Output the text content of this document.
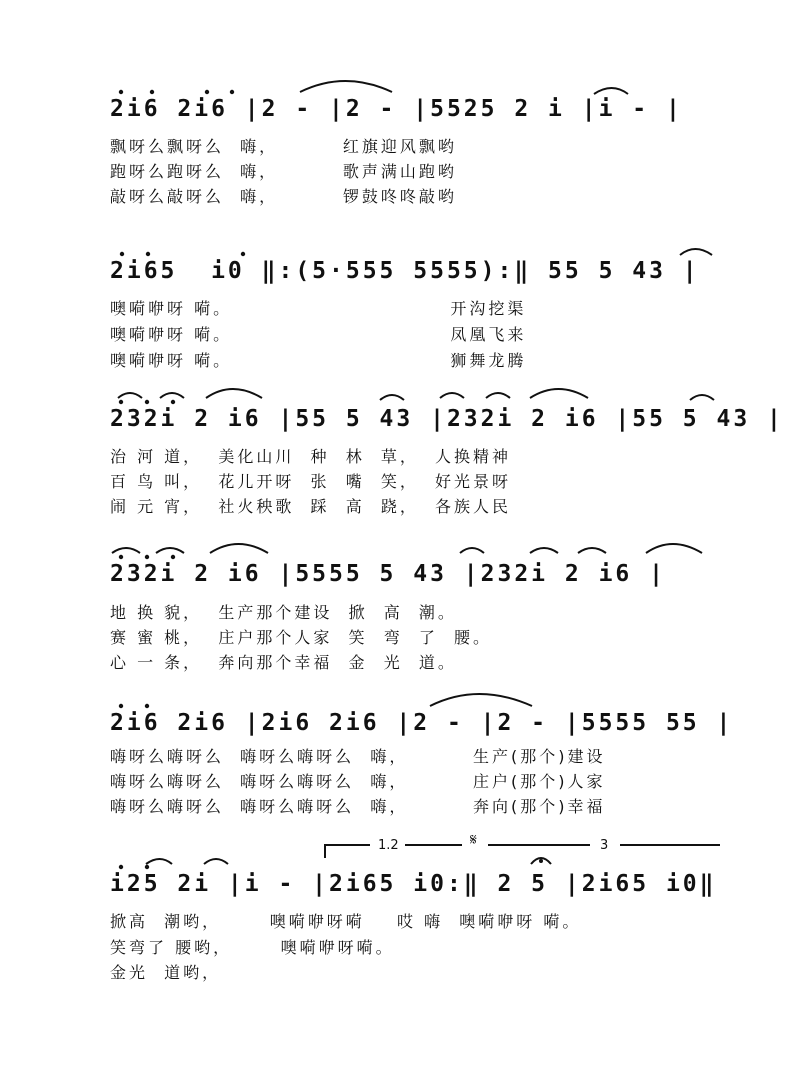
2i6 2i6 |2 - |2 - |5525 2 i |i - |
飘呀么飘呀么  嗨，        红旗迎风飘哟
跑呀么跑呀么  嗨，        歌声满山跑哟
敲呀么敲呀么  嗨，        锣鼓咚咚敲哟
2i65  i0 ‖:(5·555 5555):‖ 55 5 43 |
噢嗬咿呀 嗬。                           开沟挖渠
噢嗬咿呀 嗬。                           凤凰飞来
噢嗬咿呀 嗬。                           狮舞龙腾
232i 2 i6 |55 5 43 |232i 2 i6 |55 5 43 |
治 河 道，  美化山川  种  林  草，  人换精神
百 鸟 叫，  花儿开呀  张  嘴  笑，  好光景呀
闹 元 宵，  社火秧歌  踩  高  跷，  各族人民
232i 2 i6 |5555 5 43 |232i 2 i6 |
地 换 貌，  生产那个建设  掀  高  潮。
赛 蜜 桃，  庄户那个人家  笑  弯  了  腰。
心 一 条，  奔向那个幸福  金  光  道。
2i6 2i6 |2i6 2i6 |2 - |2 - |5555 55 |
嗨呀么嗨呀么  嗨呀么嗨呀么  嗨，        生产(那个)建设
嗨呀么嗨呀么  嗨呀么嗨呀么  嗨，        庄户(那个)人家
嗨呀么嗨呀么  嗨呀么嗨呀么  嗨，        奔向(那个)幸福
1.2	3
i25 2i |i - |2i65 i0:‖ 2 5 |2i65 i0‖
掀高  潮哟，      噢嗬咿呀嗬    哎 嗨  噢嗬咿呀 嗬。
笑弯了 腰哟，      噢嗬咿呀嗬。
金光  道哟，
𝄋
